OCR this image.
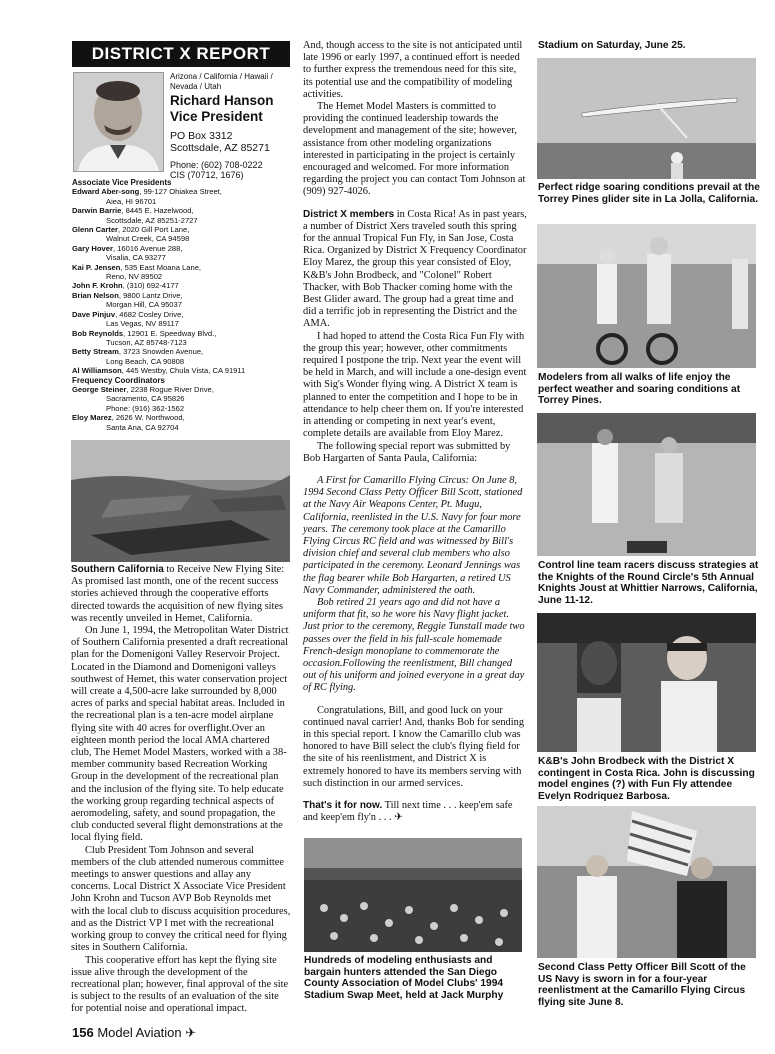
DISTRICT X REPORT
Arizona / California / Hawaii / Nevada / Utah
Richard Hanson
Vice President
PO Box 3312
Scottsdale, AZ 85271
Phone: (602) 708-0222
CIS (70712, 1676)
Associate Vice Presidents
Edward Aber-song, 99-127 Ohiakea Street,
Aiea, HI 96701
Darwin Barrie, 8445 E. Hazelwood,
Scottsdale, AZ 85251-2727
Glenn Carter, 2020 Gill Port Lane,
Walnut Creek, CA 94598
Gary Hover, 16016 Avenue 288,
Visalia, CA 93277
Kai P. Jensen, 535 East Moana Lane,
Reno, NV 89502
John F. Krohn, (310) 692-4177
Brian Nelson, 9800 Lantz Drive,
Morgan Hill, CA 95037
Dave Pinjuv, 4682 Cosley Drive,
Las Vegas, NV 89117
Bob Reynolds, 12901 E. Speedway Blvd.,
Tucson, AZ 85748-7123
Betty Stream, 3723 Snowden Avenue,
Long Beach, CA 90808
Al Williamson, 445 Westby, Chula Vista, CA 91911
Frequency Coordinators
George Steiner, 2238 Rogue River Drive,
Sacramento, CA 95826
Phone: (916) 362-1562
Eloy Marez, 2626 W. Northwood,
Santa Ana, CA 92704

Southern California to Receive New Flying Site:

As promised last month, one of the recent success stories achieved through the cooperative efforts directed towards the acquisition of new flying sites was recently unveiled in Hemet, California.

On June 1, 1994, the Metropolitan Water District of Southern California presented a draft recreational plan for the Domenigoni Valley Reservoir Project. Located in the Diamond and Domenigoni valleys southwest of Hemet, this water conservation project will create a 4,500-acre lake surrounded by 8,000 acres of parks and special habitat areas. Included in the recreational plan is a ten-acre model airplane flying site with 40 acres for overflight.Over an eighteen month period the local AMA chartered club, The Hemet Model Masters, worked with a 38-member community based Recreation Working Group in the development of the recreational plan and the inclusion of the flying site. To help educate the working group regarding technical aspects of aeromodeling, safety, and sound propagation, the club conducted several flight demonstrations at the local flying field.

Club President Tom Johnson and several members of the club attended numerous committee meetings to answer questions and allay any concerns. Local District X Associate Vice President John Krohn and Tucson AVP Bob Reynolds met with the local club to discuss acquisition procedures, and as the District VP I met with the recreational working group to convey the critical need for flying sites in Southern California.

This cooperative effort has kept the flying site issue alive through the development of the recreational plan; however, final approval of the site is subject to the results of an evaluation of the site for potential noise and operational impact.

And, though access to the site is not anticipated until late 1996 or early 1997, a continued effort is needed to further express the tremendous need for this site, its potential use and the compatibility of modeling activities.

The Hemet Model Masters is committed to providing the continued leadership towards the development and management of the site; however, assistance from other modeling organizations interested in participating in the project is certainly encouraged and welcomed. For more information regarding the project you can contact Tom Johnson at (909) 927-4026.

District X members in Costa Rica! As in past years, a number of District Xers traveled south this spring for the annual Tropical Fun Fly, in San Jose, Costa Rica. Organized by District X Frequency Coordinator Eloy Marez, the group this year consisted of Eloy, K&B's John Brodbeck, and "Colonel" Robert Thacker, with Bob Thacker coming home with the Best Glider award. The group had a great time and did a terrific job in representing the District and the AMA.

I had hoped to attend the Costa Rica Fun Fly with the group this year; however, other commitments required I postpone the trip. Next year the event will be held in March, and will include a one-design event with Sig's Wonder flying wing. A District X team is planned to enter the competition and I hope to be in attendance to help cheer them on. If you're interested in attending or competing in next year's event, complete details are available from Eloy Marez.

The following special report was submitted by Bob Hargarten of Santa Paula, California:

A First for Camarillo Flying Circus: On June 8, 1994 Second Class Petty Officer Bill Scott, stationed at the Navy Air Weapons Center, Pt. Mugu, California, reenlisted in the U.S. Navy for four more years. The ceremony took place at the Camarillo Flying Circus RC field and was witnessed by Bill's division chief and several club members who also participated in the ceremony. Leonard Jennings was the flag bearer while Bob Hargarten, a retired US Navy Commander, administered the oath.

Bob retired 21 years ago and did not have a uniform that fit, so he wore his Navy flight jacket. Just prior to the ceremony, Reggie Tunstall made two passes over the field in his full-scale homemade French-design monoplane to commemorate the occasion.Following the reenlistment, Bill changed out of his uniform and joined everyone in a great day of RC flying.

Congratulations, Bill, and good luck on your continued naval carrier! And, thanks Bob for sending in this special report. I know the Camarillo club was honored to have Bill select the club's flying field for the site of his reenlistment, and District X is extremely honored to have its members serving with such distinction in our armed services.

That's it for now. Till next time . . . keep'em safe and keep'em fly'n . . . ✈

Hundreds of modeling enthusiasts and bargain hunters attended the San Diego County Association of Model Clubs' 1994 Stadium Swap Meet, held at Jack Murphy
Stadium on Saturday, June 25.
Perfect ridge soaring conditions prevail at the Torrey Pines glider site in La Jolla, California.
Modelers from all walks of life enjoy the perfect weather and soaring conditions at Torrey Pines.
Control line team racers discuss strategies at the Knights of the Round Circle's 5th Annual Knights Joust at Whittier Narrows, California, June 11-12.
K&B's John Brodbeck with the District X contingent in Costa Rica. John is discussing model engines (?) with Fun Fly attendee Evelyn Rodriquez Barbosa.
Second Class Petty Officer Bill Scott of the US Navy is sworn in for a four-year reenlistment at the Camarillo Flying Circus flying site June 8.
156 Model Aviation ✈
